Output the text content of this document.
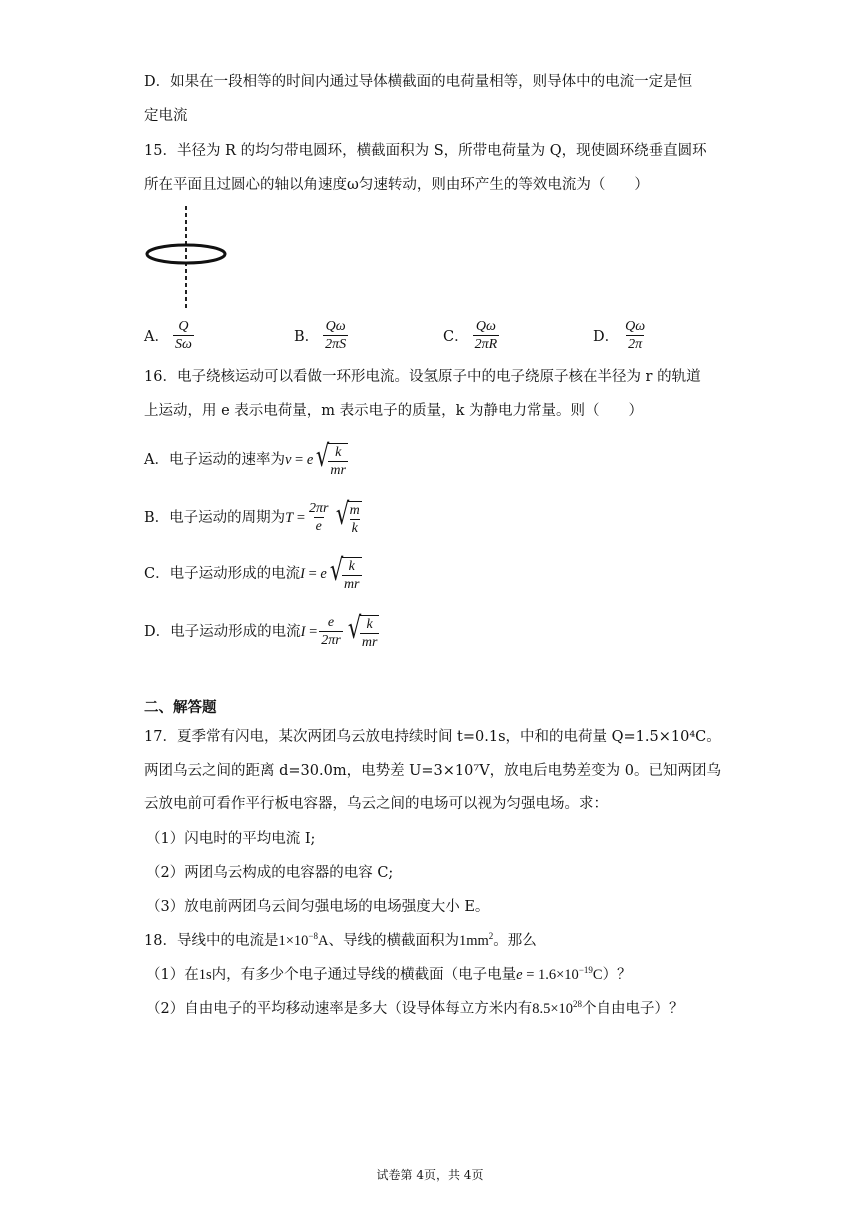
D．如果在一段相等的时间内通过导体横截面的电荷量相等，则导体中的电流一定是恒
定电流
15．半径为 R 的均匀带电圆环，横截面积为 S，所带电荷量为 Q，现使圆环绕垂直圆环
所在平面且过圆心的轴以角速度ω匀速转动，则由环产生的等效电流为（　　）
A． $\frac{Q}{S\omega}$	B． $\frac{Q\omega}{2\pi S}$	C． $\frac{Q\omega}{2\pi R}$	D． $\frac{Q\omega}{2\pi}$
16．电子绕核运动可以看做一环形电流。设氢原子中的电子绕原子核在半径为 r 的轨道
上运动，用 e 表示电荷量，m 表示电子的质量，k 为静电力常量。则（　　）
A．电子运动的速率为 v = e √
$\frac{k}{mr}$
B．电子运动的周期为 $T = \frac{2\pi r}{e}$ √
$\frac{m}{k}$
C．电子运动形成的电流 I = e √
$\frac{k}{mr}$
D．电子运动形成的电流 $I = \frac{e}{2\pi r}$ √
$\frac{k}{mr}$
二、解答题
17．夏季常有闪电，某次两团乌云放电持续时间 t=0.1s，中和的电荷量 Q=1.5×10⁴C。
两团乌云之间的距离 d=30.0m，电势差 U=3×10⁷V，放电后电势差变为 0。已知两团乌
云放电前可看作平行板电容器，乌云之间的电场可以视为匀强电场。求：
（1）闪电时的平均电流 I;
（2）两团乌云构成的电容器的电容 C;
（3）放电前两团乌云间匀强电场的电场强度大小 E。
18．导线中的电流是$1\times 10^{-8}A$、导线的横截面积为$1mm^2$。那么
（1）在1s内，有多少个电子通过导线的横截面（电子电量$e = 1.6\times 10^{-19}C$）？
（2）自由电子的平均移动速率是多大（设导体每立方米内有$8.5\times 10^{28}$个自由电子）？
试卷第 4页，共 4页
